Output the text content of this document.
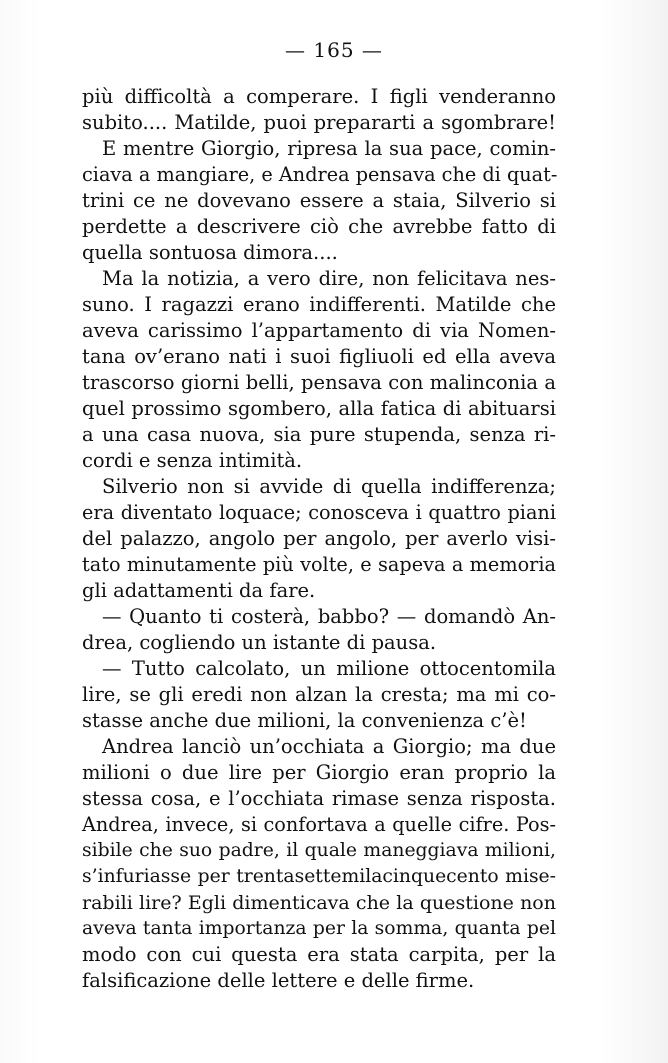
— 165 —
più difficoltà a comperare. I figli venderanno
subito.... Matilde, puoi prepararti a sgombrare!
E mentre Giorgio, ripresa la sua pace, comin-
ciava a mangiare, e Andrea pensava che di quat-
trini ce ne dovevano essere a staia, Silverio si
perdette a descrivere ciò che avrebbe fatto di
quella sontuosa dimora....
Ma la notizia, a vero dire, non felicitava nes-
suno. I ragazzi erano indifferenti. Matilde che
aveva carissimo l’appartamento di via Nomen-
tana ov’erano nati i suoi figliuoli ed ella aveva
trascorso giorni belli, pensava con malinconia a
quel prossimo sgombero, alla fatica di abituarsi
a una casa nuova, sia pure stupenda, senza ri-
cordi e senza intimità.
Silverio non si avvide di quella indifferenza;
era diventato loquace; conosceva i quattro piani
del palazzo, angolo per angolo, per averlo visi-
tato minutamente più volte, e sapeva a memoria
gli adattamenti da fare.
— Quanto ti costerà, babbo? — domandò An-
drea, cogliendo un istante di pausa.
— Tutto calcolato, un milione ottocentomila
lire, se gli eredi non alzan la cresta; ma mi co-
stasse anche due milioni, la convenienza c’è!
Andrea lanciò un’occhiata a Giorgio; ma due
milioni o due lire per Giorgio eran proprio la
stessa cosa, e l’occhiata rimase senza risposta.
Andrea, invece, si confortava a quelle cifre. Pos-
sibile che suo padre, il quale maneggiava milioni,
s’infuriasse per trentasettemilacinquecento mise-
rabili lire? Egli dimenticava che la questione non
aveva tanta importanza per la somma, quanta pel
modo con cui questa era stata carpita, per la
falsificazione delle lettere e delle firme.
